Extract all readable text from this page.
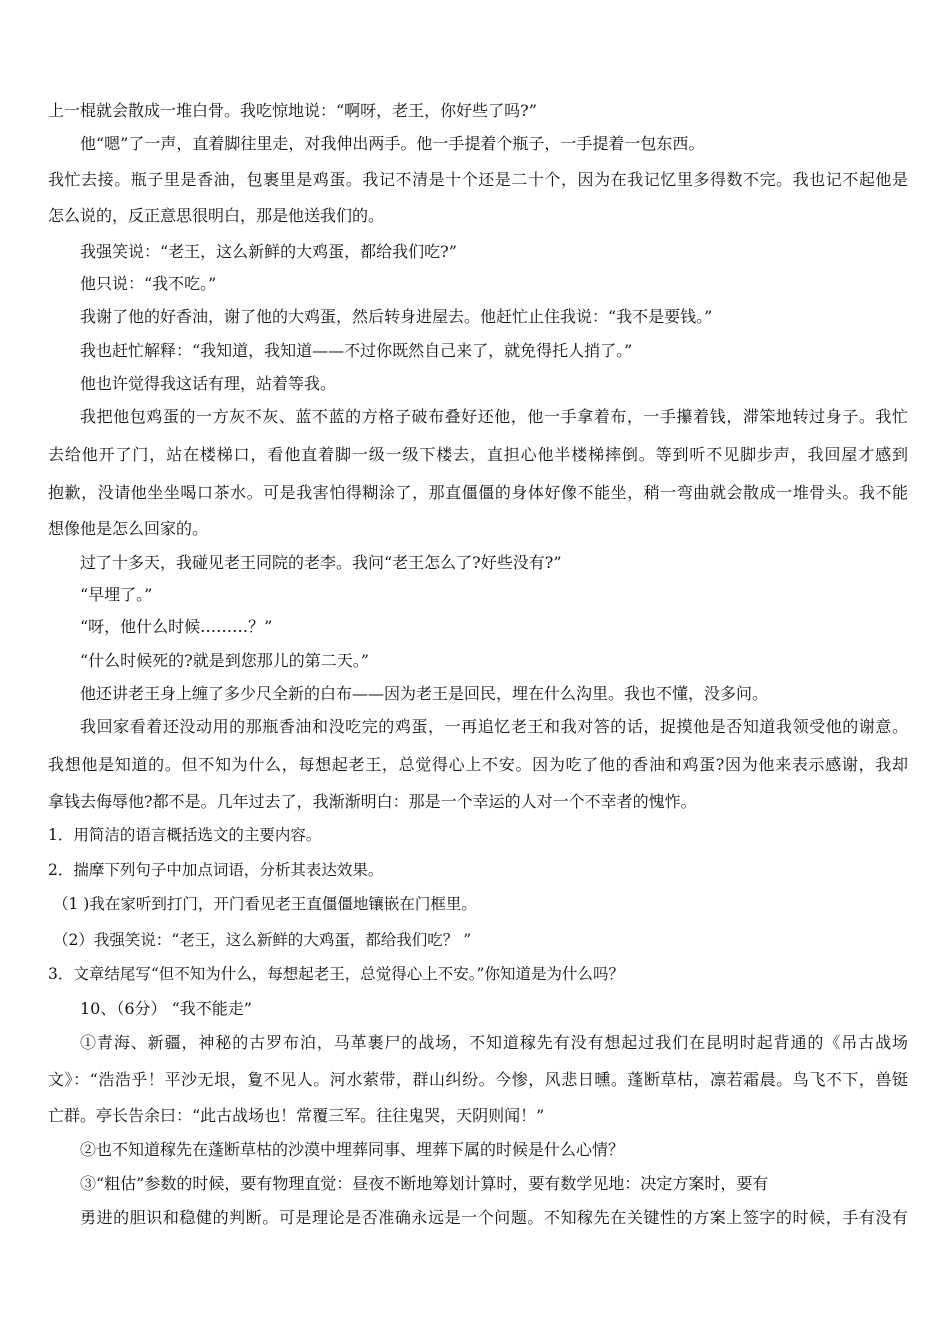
上一棍就会散成一堆白骨。我吃惊地说：“啊呀，老王，你好些了吗?”
他“嗯”了一声，直着脚往里走，对我伸出两手。他一手提着个瓶子，一手提着一包东西。
我忙去接。瓶子里是香油，包裹里是鸡蛋。我记不清是十个还是二十个，因为在我记忆里多得数不完。我也记不起他是
怎么说的，反正意思很明白，那是他送我们的。
我强笑说：“老王，这么新鲜的大鸡蛋，都给我们吃?”
他只说：“我不吃。”
我谢了他的好香油，谢了他的大鸡蛋，然后转身进屋去。他赶忙止住我说：“我不是要钱。”
我也赶忙解释：“我知道，我知道——不过你既然自己来了，就免得托人捎了。”
他也许觉得我这话有理，站着等我。
我把他包鸡蛋的一方灰不灰、蓝不蓝的方格子破布叠好还他，他一手拿着布，一手攥着钱，滞笨地转过身子。我忙
去给他开了门，站在楼梯口，看他直着脚一级一级下楼去，直担心他半楼梯摔倒。等到听不见脚步声，我回屋才感到
抱歉，没请他坐坐喝口茶水。可是我害怕得糊涂了，那直僵僵的身体好像不能坐，稍一弯曲就会散成一堆骨头。我不能
想像他是怎么回家的。
过了十多天，我碰见老王同院的老李。我问“老王怎么了?好些没有?”
“早埋了。”
“呀，他什么时候………？”
“什么时候死的?就是到您那儿的第二天。”
他还讲老王身上缠了多少尺全新的白布——因为老王是回民，埋在什么沟里。我也不懂，没多问。
我回家看着还没动用的那瓶香油和没吃完的鸡蛋，一再追忆老王和我对答的话，捉摸他是否知道我领受他的谢意。
我想他是知道的。但不知为什么，每想起老王，总觉得心上不安。因为吃了他的香油和鸡蛋?因为他来表示感谢，我却
拿钱去侮辱他?都不是。几年过去了，我渐渐明白：那是一个幸运的人对一个不幸者的愧怍。
1．用简洁的语言概括选文的主要内容。
2．揣摩下列句子中加点词语，分析其表达效果。
（1 )我在家听到打门，开门看见老王直僵僵地镶嵌在门框里。
（2）我强笑说：“老王，这么新鲜的大鸡蛋，都给我们吃？ ”
3．文章结尾写“但不知为什么，每想起老王，总觉得心上不安。”你知道是为什么吗？
10、（6分） “我不能走”
①青海、新疆，神秘的古罗布泊，马革裹尸的战场，不知道稼先有没有想起过我们在昆明时起背通的《吊古战场
文》：“浩浩乎！平沙无垠，夐不见人。河水萦带，群山纠纷。今惨，风悲日曛。蓬断草枯，凛若霜晨。鸟飞不下，兽铤
亡群。亭长告余曰：“此古战场也！常覆三军。往往鬼哭，天阴则闻！”
②也不知道稼先在蓬断草枯的沙漠中埋葬同事、埋葬下属的时候是什么心情？
③“粗估”参数的时候，要有物理直觉：昼夜不断地筹划计算时，要有数学见地：决定方案时，要有
勇进的胆识和稳健的判断。可是理论是否准确永远是一个问题。不知稼先在关键性的方案上签字的时候，手有没有
